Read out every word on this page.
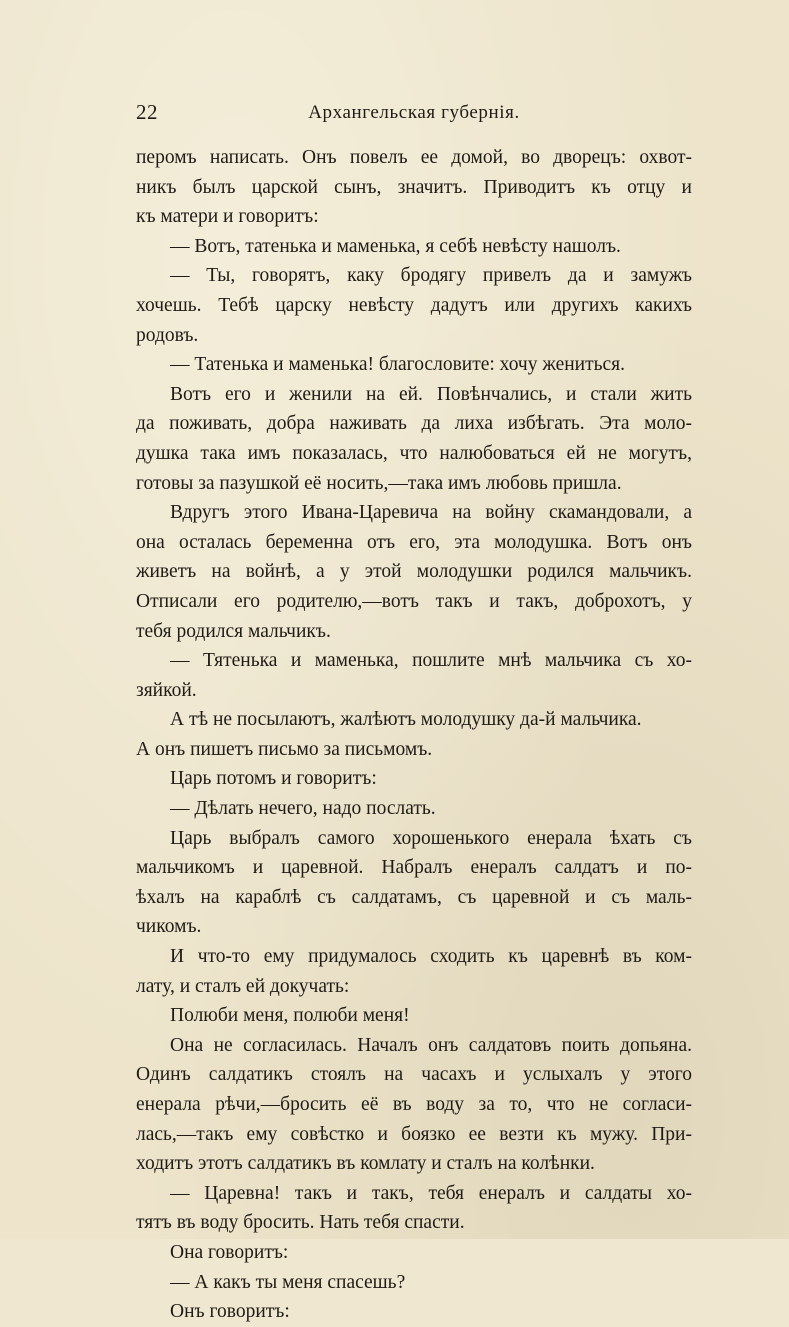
22	Архангельская губернія.
перомъ написать. Онъ повелъ ее домой, во дворецъ: охвот-
никъ былъ царской сынъ, значитъ. Приводитъ къ отцу и
къ матери и говоритъ:
— Вотъ, татенька и маменька, я себѣ невѣсту нашолъ.
— Ты, говорятъ, каку бродягу привелъ да и замужъ
хочешь. Тебѣ царску невѣсту дадутъ или другихъ какихъ
родовъ.
— Татенька и маменька! благословите: хочу жениться.
Вотъ его и женили на ей. Повѣнчались, и стали жить
да поживать, добра наживать да лиха избѣгать. Эта моло-
душка така имъ показалась, что налюбоваться ей не могутъ,
готовы за пазушкой её носить,—така имъ любовь пришла.
Вдругъ этого Ивана-Царевича на войну скамандовали, а
она осталась беременна отъ его, эта молодушка. Вотъ онъ
живетъ на войнѣ, а у этой молодушки родился мальчикъ.
Отписали его родителю,—вотъ такъ и такъ, доброхотъ, у
тебя родился мальчикъ.
— Тятенька и маменька, пошлите мнѣ мальчика съ хо-
зяйкой.
А тѣ не посылаютъ, жалѣютъ молодушку да-й мальчика.
А онъ пишетъ письмо за письмомъ.
Царь потомъ и говоритъ:
— Дѣлать нечего, надо послать.
Царь выбралъ самого хорошенького енерала ѣхать съ
мальчикомъ и царевной. Набралъ енералъ салдатъ и по-
ѣхалъ на караблѣ съ салдатамъ, съ царевной и съ маль-
чикомъ.
И что-то ему придумалось сходить къ царевнѣ въ ком-
лату, и сталъ ей докучать:
Полюби меня, полюби меня!
Она не согласилась. Началъ онъ салдатовъ поить допьяна.
Одинъ салдатикъ стоялъ на часахъ и услыхалъ у этого
енерала рѣчи,—бросить её въ воду за то, что не согласи-
лась,—такъ ему совѣстко и боязко ее везти къ мужу. При-
ходитъ этотъ салдатикъ въ комлату и сталъ на колѣнки.
— Царевна! такъ и такъ, тебя енералъ и салдаты хо-
тятъ въ воду бросить. Нать тебя спасти.
Она говоритъ:
— А какъ ты меня спасешь?
Онъ говоритъ:
